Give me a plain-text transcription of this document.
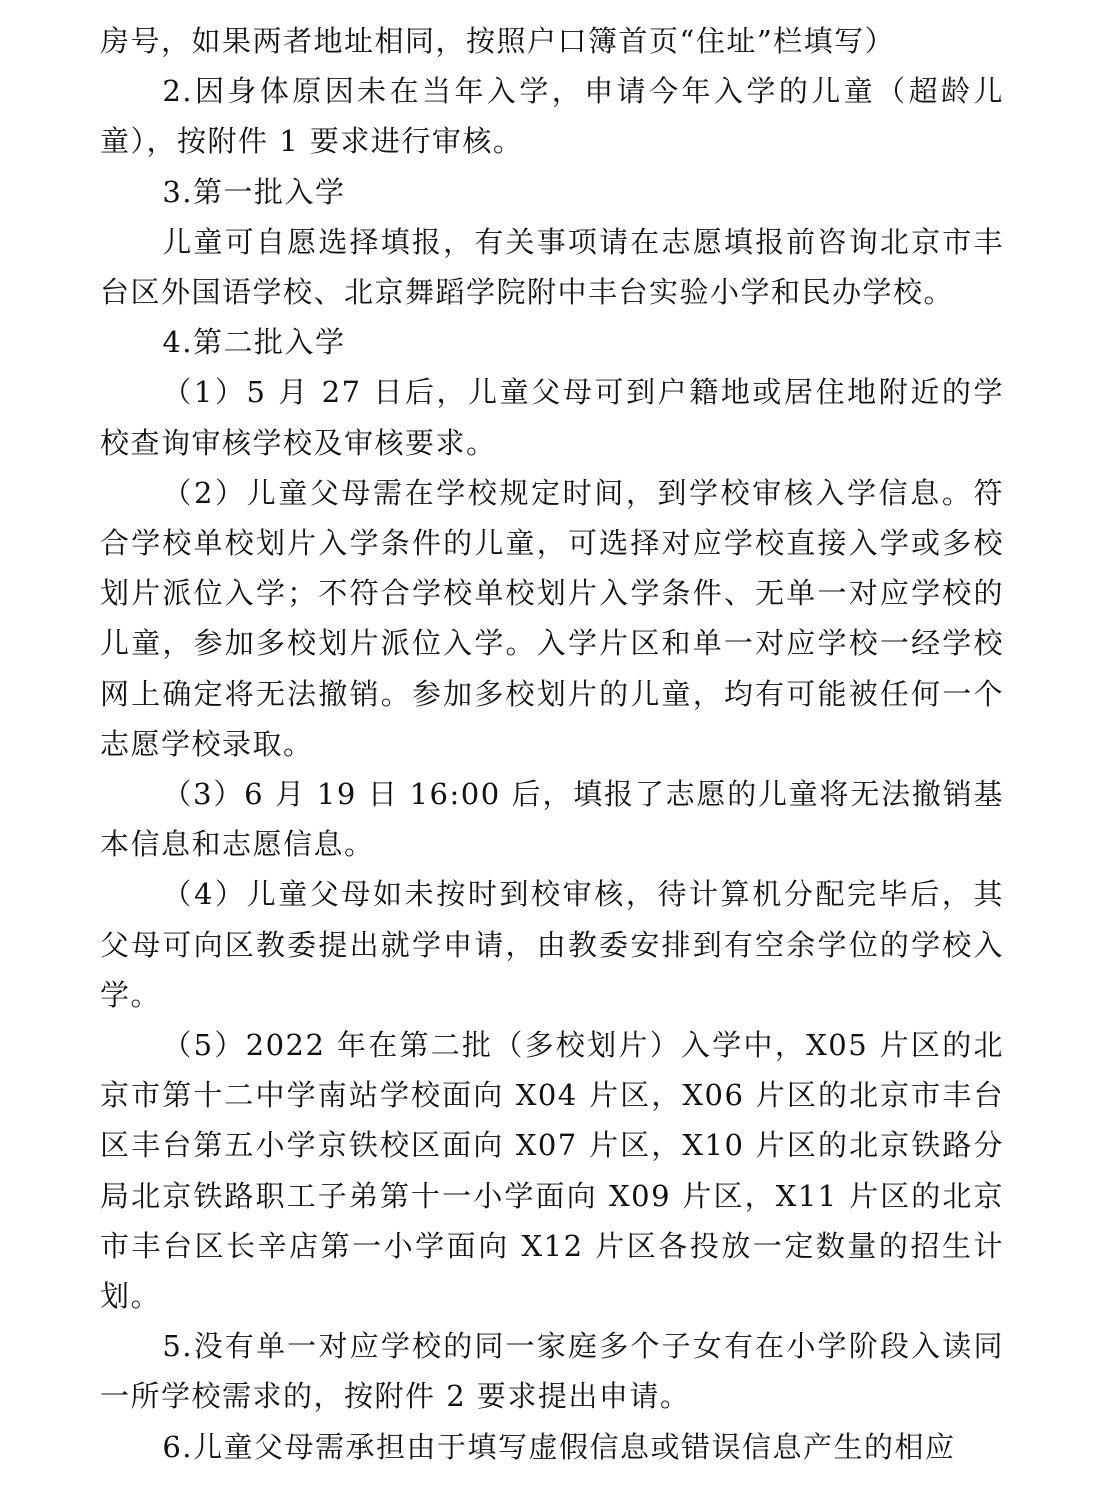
房号，如果两者地址相同，按照户口簿首页“住址”栏填写）

2.因身体原因未在当年入学，申请今年入学的儿童（超龄儿童），按附件 1 要求进行审核。

3.第一批入学

儿童可自愿选择填报，有关事项请在志愿填报前咨询北京市丰台区外国语学校、北京舞蹈学院附中丰台实验小学和民办学校。

4.第二批入学

（1）5 月 27 日后，儿童父母可到户籍地或居住地附近的学校查询审核学校及审核要求。

（2）儿童父母需在学校规定时间，到学校审核入学信息。符合学校单校划片入学条件的儿童，可选择对应学校直接入学或多校划片派位入学；不符合学校单校划片入学条件、无单一对应学校的儿童，参加多校划片派位入学。入学片区和单一对应学校一经学校网上确定将无法撤销。参加多校划片的儿童，均有可能被任何一个志愿学校录取。

（3）6 月 19 日 16:00 后，填报了志愿的儿童将无法撤销基本信息和志愿信息。

（4）儿童父母如未按时到校审核，待计算机分配完毕后，其父母可向区教委提出就学申请，由教委安排到有空余学位的学校入学。

（5）2022 年在第二批（多校划片）入学中，X05 片区的北京市第十二中学南站学校面向 X04 片区，X06 片区的北京市丰台区丰台第五小学京铁校区面向 X07 片区，X10 片区的北京铁路分局北京铁路职工子弟第十一小学面向 X09 片区，X11 片区的北京市丰台区长辛店第一小学面向 X12 片区各投放一定数量的招生计划。

5.没有单一对应学校的同一家庭多个子女有在小学阶段入读同一所学校需求的，按附件 2 要求提出申请。

6.儿童父母需承担由于填写虚假信息或错误信息产生的相应
